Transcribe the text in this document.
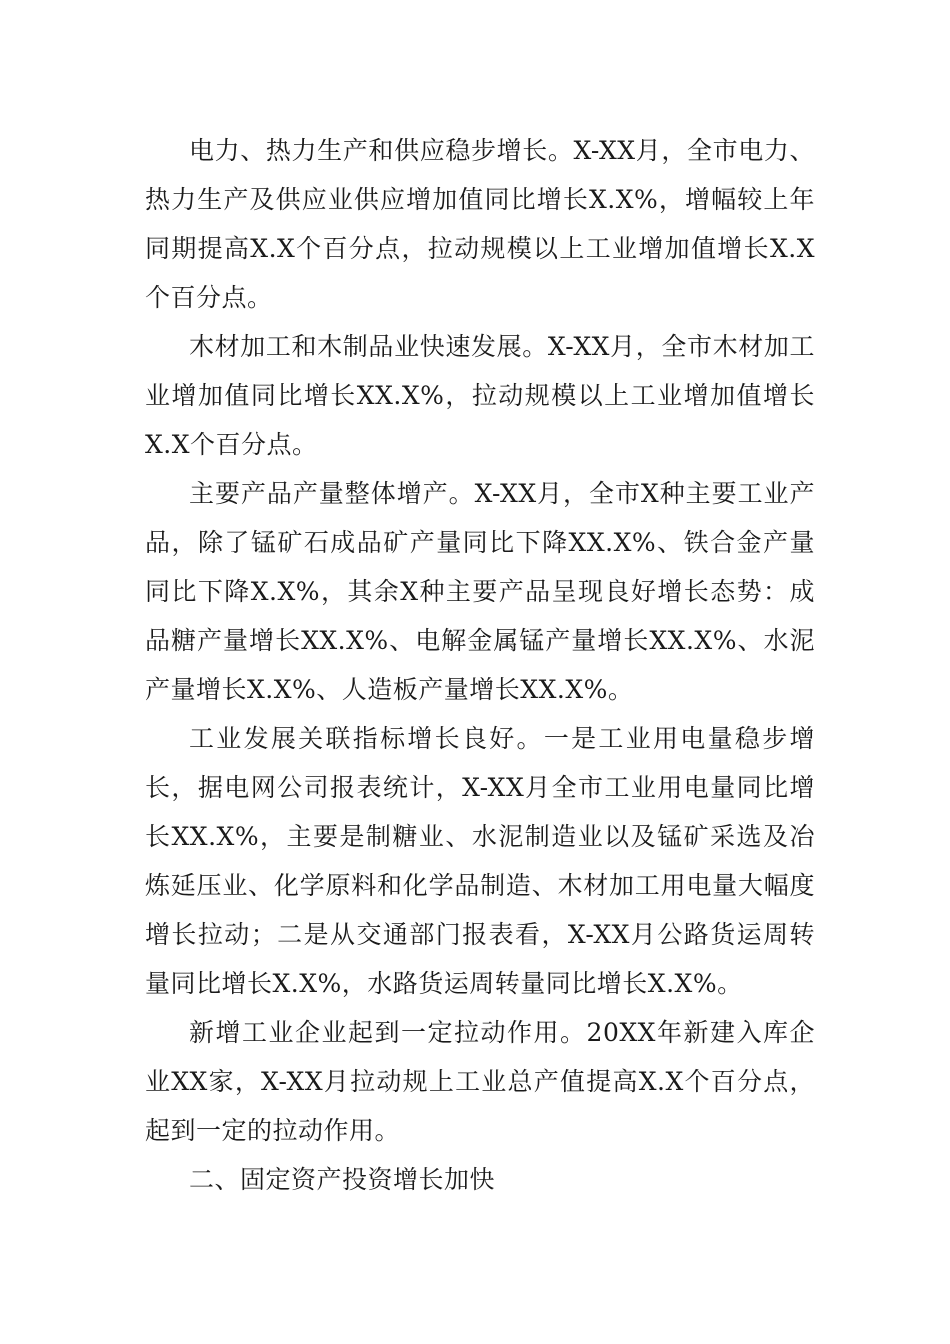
电力、热力生产和供应稳步增长。X-XX月，全市电力、热力生产及供应业供应增加值同比增长X.X%，增幅较上年同期提高X.X个百分点，拉动规模以上工业增加值增长X.X个百分点。

木材加工和木制品业快速发展。X-XX月，全市木材加工业增加值同比增长XX.X%，拉动规模以上工业增加值增长X.X个百分点。

主要产品产量整体增产。X-XX月，全市X种主要工业产品，除了锰矿石成品矿产量同比下降XX.X%、铁合金产量同比下降X.X%，其余X种主要产品呈现良好增长态势：成品糖产量增长XX.X%、电解金属锰产量增长XX.X%、水泥产量增长X.X%、人造板产量增长XX.X%。

工业发展关联指标增长良好。一是工业用电量稳步增长，据电网公司报表统计，X-XX月全市工业用电量同比增长XX.X%，主要是制糖业、水泥制造业以及锰矿采选及冶炼延压业、化学原料和化学品制造、木材加工用电量大幅度增长拉动；二是从交通部门报表看，X-XX月公路货运周转量同比增长X.X%，水路货运周转量同比增长X.X%。

新增工业企业起到一定拉动作用。20XX年新建入库企业XX家，X-XX月拉动规上工业总产值提高X.X个百分点，起到一定的拉动作用。

二、固定资产投资增长加快
